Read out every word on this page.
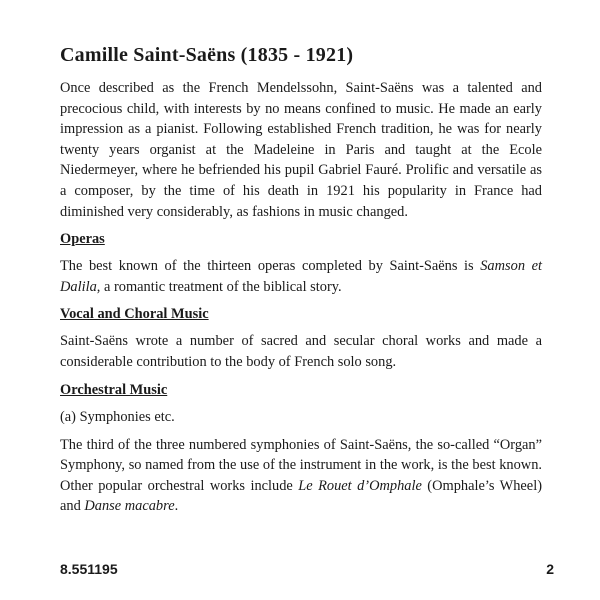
Camille Saint-Saëns (1835 - 1921)

Once described as the French Mendelssohn, Saint-Saëns was a talented and precocious child, with interests by no means confined to music. He made an early impression as a pianist. Following established French tradition, he was for nearly twenty years organist at the Madeleine in Paris and taught at the Ecole Niedermeyer, where he befriended his pupil Gabriel Fauré. Prolific and versatile as a composer, by the time of his death in 1921 his popularity in France had diminished very considerably, as fashions in music changed.

Operas

The best known of the thirteen operas completed by Saint-Saëns is Samson et Dalila, a romantic treatment of the biblical story.

Vocal and Choral Music

Saint-Saëns wrote a number of sacred and secular choral works and made a considerable contribution to the body of French solo song.

Orchestral Music
(a) Symphonies etc.

The third of the three numbered symphonies of Saint-Saëns, the so-called “Organ” Symphony, so named from the use of the instrument in the work, is the best known. Other popular orchestral works include Le Rouet d’Omphale (Omphale’s Wheel) and Danse macabre.

8.551195	2
